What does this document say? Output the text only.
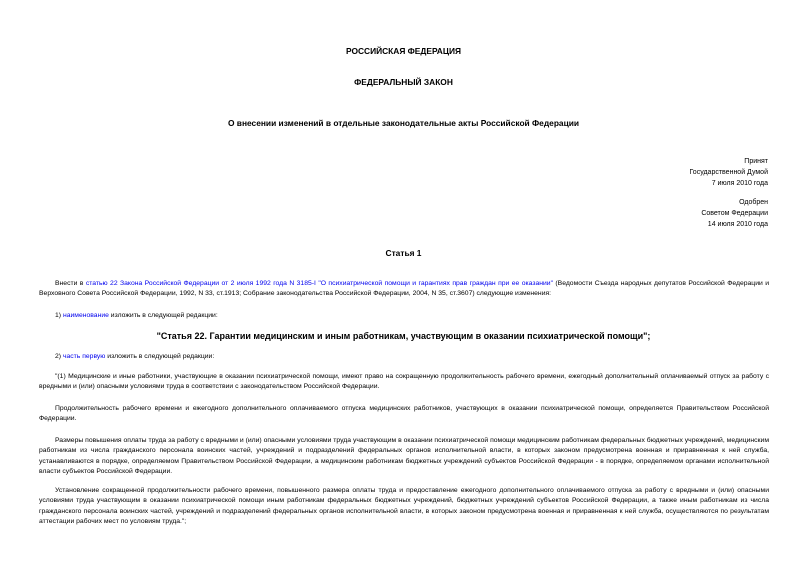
РОССИЙСКАЯ ФЕДЕРАЦИЯ
ФЕДЕРАЛЬНЫЙ ЗАКОН
О внесении изменений в отдельные законодательные акты Российской Федерации
Принят
Государственной Думой
7 июля 2010 года
Одобрен
Советом Федерации
14 июля 2010 года
Статья 1
Внести в статью 22 Закона Российской Федерации от 2 июля 1992 года N 3185-I "О психиатрической помощи и гарантиях прав граждан при ее оказании" (Ведомости Съезда народных депутатов Российской Федерации и Верховного Совета Российской Федерации, 1992, N 33, ст.1913; Собрание законодательства Российской Федерации, 2004, N 35, ст.3607) следующие изменения:
1) наименование изложить в следующей редакции:
"Статья 22. Гарантии медицинским и иным работникам, участвующим в оказании психиатрической помощи";
2) часть первую изложить в следующей редакции:
"(1) Медицинские и иные работники, участвующие в оказании психиатрической помощи, имеют право на сокращенную продолжительность рабочего времени, ежегодный дополнительный оплачиваемый отпуск за работу с вредными и (или) опасными условиями труда в соответствии с законодательством Российской Федерации.
Продолжительность рабочего времени и ежегодного дополнительного оплачиваемого отпуска медицинских работников, участвующих в оказании психиатрической помощи, определяется Правительством Российской Федерации.
Размеры повышения оплаты труда за работу с вредными и (или) опасными условиями труда участвующим в оказании психиатрической помощи медицинским работникам федеральных бюджетных учреждений, медицинским работникам из числа гражданского персонала воинских частей, учреждений и подразделений федеральных органов исполнительной власти, в которых законом предусмотрена военная и приравненная к ней служба, устанавливаются в порядке, определяемом Правительством Российской Федерации, а медицинским работникам бюджетных учреждений субъектов Российской Федерации - в порядке, определяемом органами исполнительной власти субъектов Российской Федерации.
Установление сокращенной продолжительности рабочего времени, повышенного размера оплаты труда и предоставление ежегодного дополнительного оплачиваемого отпуска за работу с вредными и (или) опасными условиями труда участвующим в оказании психиатрической помощи иным работникам федеральных бюджетных учреждений, бюджетных учреждений субъектов Российской Федерации, а также иным работникам из числа гражданского персонала воинских частей, учреждений и подразделений федеральных органов исполнительной власти, в которых законом предусмотрена военная и приравненная к ней служба, осуществляются по результатам аттестации рабочих мест по условиям труда.";
